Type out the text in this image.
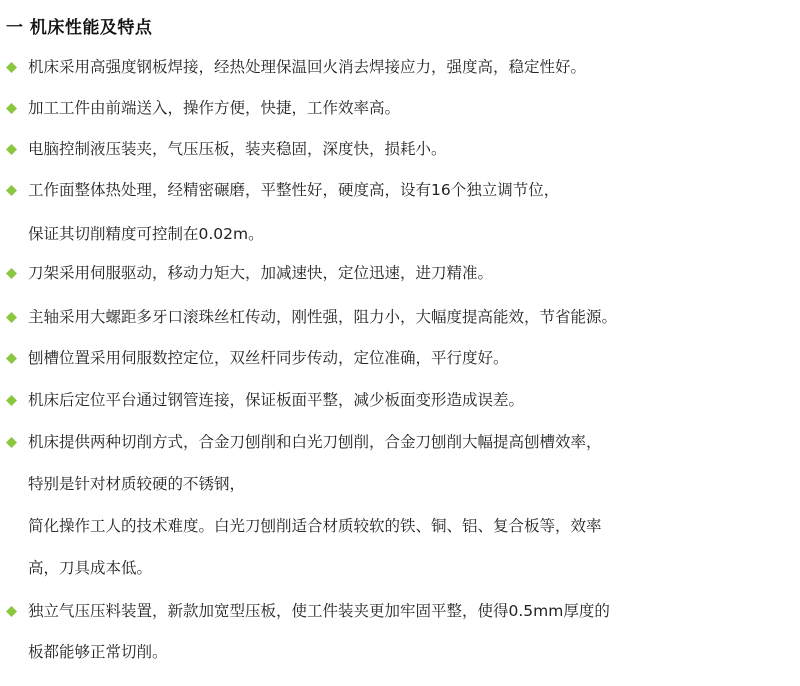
一 机床性能及特点
机床采用高强度钢板焊接，经热处理保温回火消去焊接应力，强度高，稳定性好。
加工工件由前端送入，操作方便，快捷，工作效率高。
电脑控制液压装夹，气压压板，装夹稳固，深度快，损耗小。
工作面整体热处理，经精密碾磨，平整性好，硬度高，设有16个独立调节位，
保证其切削精度可控制在0.02m。
刀架采用伺服驱动，移动力矩大，加减速快，定位迅速，进刀精准。
主轴采用大螺距多牙口滚珠丝杠传动，刚性强，阻力小，大幅度提高能效，节省能源。
刨槽位置采用伺服数控定位，双丝杆同步传动，定位准确，平行度好。
机床后定位平台通过钢管连接，保证板面平整，减少板面变形造成误差。
机床提供两种切削方式，合金刀刨削和白光刀刨削，合金刀刨削大幅提高刨槽效率，
特别是针对材质较硬的不锈钢，
简化操作工人的技术难度。白光刀刨削适合材质较软的铁、铜、铝、复合板等，效率
高，刀具成本低。
独立气压压料装置，新款加宽型压板，使工件装夹更加牢固平整，使得0.5mm厚度的
板都能够正常切削。
